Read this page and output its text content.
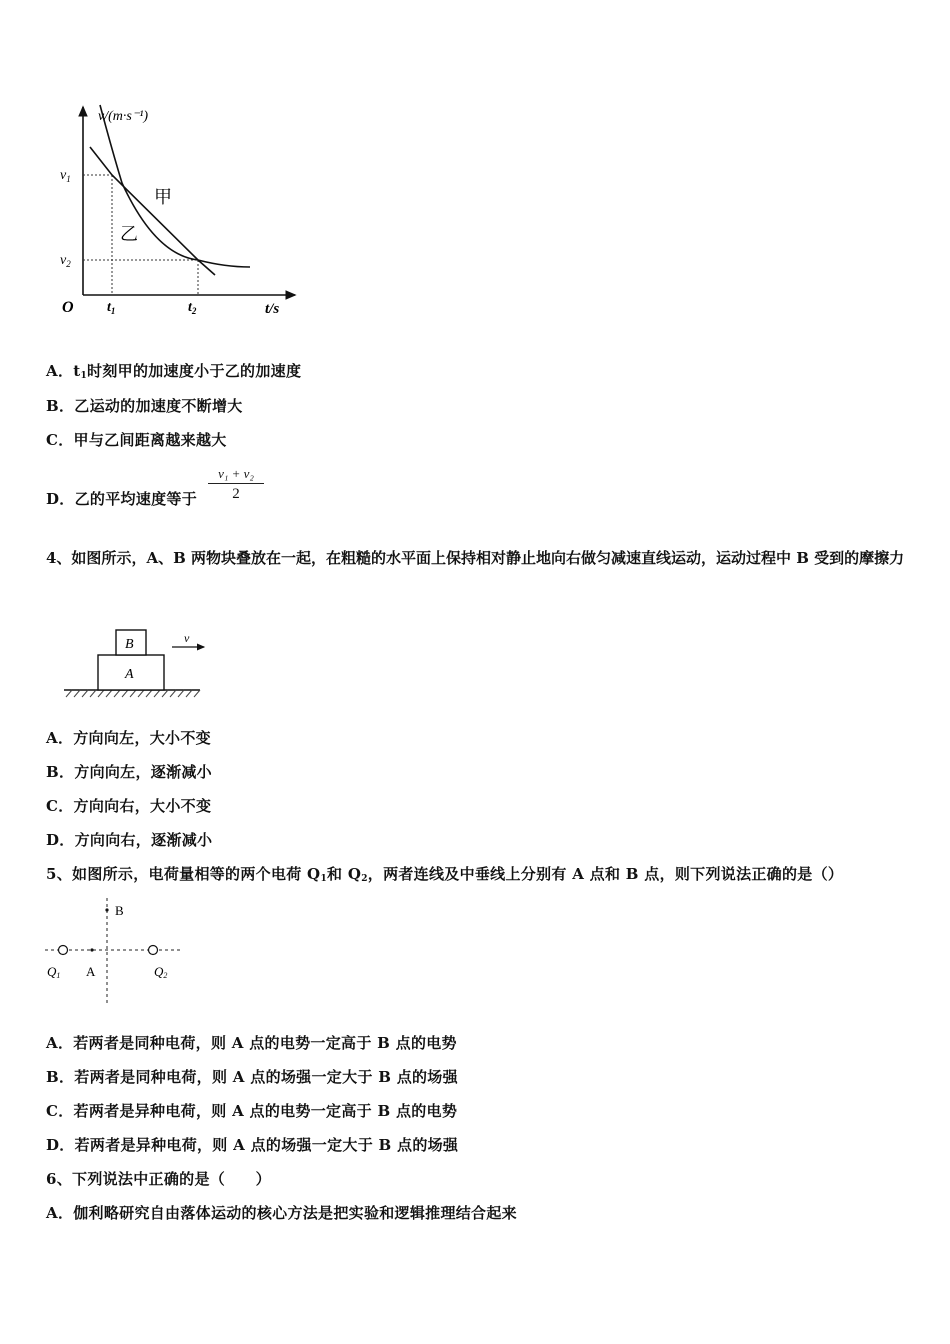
v/(m·s⁻¹)
t/s
O
$v_1$
$v_2$
$t_1$	$t_2$
甲
乙
A．$t_1$时刻甲的加速度小于乙的加速度
B．乙运动的加速度不断增大
C．甲与乙间距离越来越大
D．乙的平均速度等于 $\frac{\text{v₁ + v₂}}{2}$
4、如图所示，A、B 两物块叠放在一起，在粗糙的水平面上保持相对静止地向右做匀减速直线运动，运动过程中 B 受到的摩擦力
A
B	v
A．方向向左，大小不变
B．方向向左，逐渐减小
C．方向向右，大小不变
D．方向向右，逐渐减小
5、如图所示，电荷量相等的两个电荷 $Q_1$和 $Q_2$，两者连线及中垂线上分别有 A 点和 B 点，则下列说法正确的是（）
B
A
Q1	Q2
A．若两者是同种电荷，则 A 点的电势一定高于 B 点的电势
B．若两者是同种电荷，则 A 点的场强一定大于 B 点的场强
C．若两者是异种电荷，则 A 点的电势一定高于 B 点的电势
D．若两者是异种电荷，则 A 点的场强一定大于 B 点的场强
6、下列说法中正确的是（　　）
A．伽利略研究自由落体运动的核心方法是把实验和逻辑推理结合起来
